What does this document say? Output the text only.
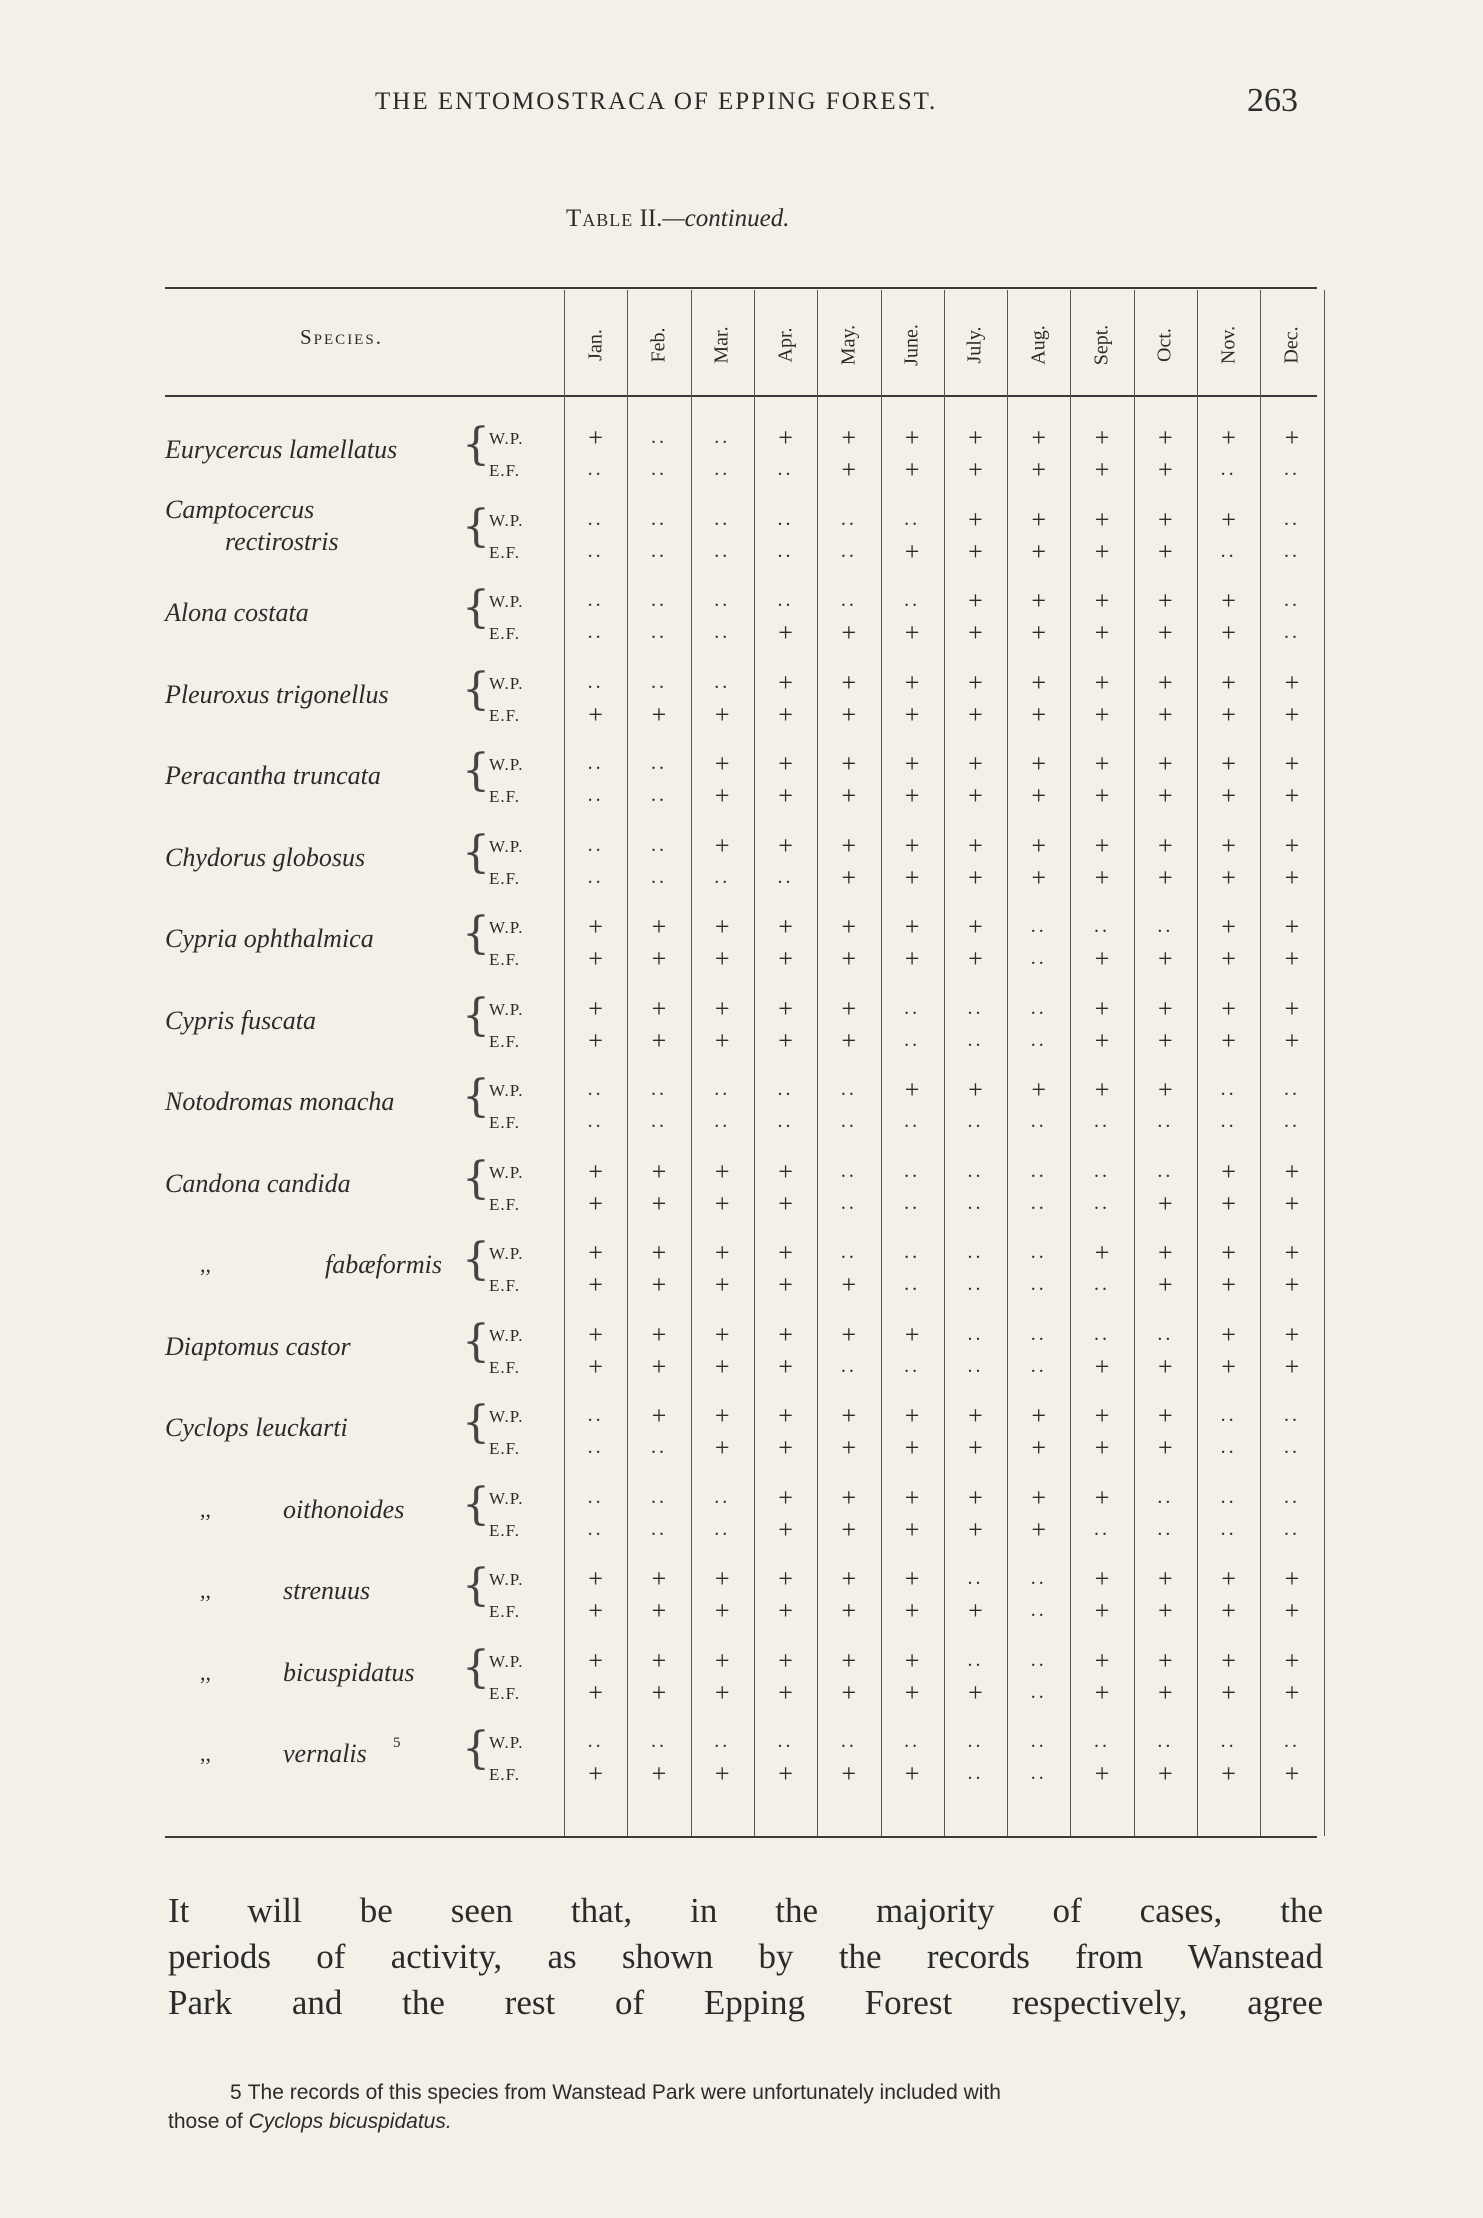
THE ENTOMOSTRACA OF EPPING FOREST.	263
Table II.—continued.
Species.	Jan. Feb. Mar. Apr. May. June. July. Aug. Sept. Oct. Nov. Dec.
Eurycercus lamellatus { W.P.	+	..	..	+	+	+	+	+	+	+	+	+
E.F.	..	..	..	..	+	+	+	+	+	+	..	..
Camptocercus
rectirostris	{ W.P.	..	..	..	..	..	..	+	+	+	+	+	..
E.F.	..	..	..	..	..	+	+	+	+	+	..	..
Alona costata	{ W.P.	..	..	..	..	..	..	+	+	+	+	+	..
E.F.	..	..	..	+	+	+	+	+	+	+	+	..
Pleuroxus trigonellus { W.P.	..	..	..	+	+	+	+	+	+	+	+	+
E.F.	+	+	+	+	+	+	+	+	+	+	+	+
Peracantha truncata { W.P.	..	..	+	+	+	+	+	+	+	+	+	+
E.F.	..	..	+	+	+	+	+	+	+	+	+	+
Chydorus globosus { W.P.	..	..	+	+	+	+	+	+	+	+	+	+
E.F.	..	..	..	..	+	+	+	+	+	+	+	+
Cypria ophthalmica { W.P.	+	+	+	+	+	+	+	..	..	..	+	+
E.F.	+	+	+	+	+	+	+	..	+	+	+	+
Cypris fuscata	{ W.P.	+	+	+	+	+	..	..	..	+	+	+	+
E.F.	+	+	+	+	+	..	..	..	+	+	+	+
Notodromas monacha { W.P.	..	..	..	..	..	+	+	+	+	+	..	..
E.F.	..	..	..	..	..	..	..	..	..	..	..	..
Candona candida	{ W.P.	+	+	+	+	..	..	..	..	..	..	+	+
E.F.	+	+	+	+	..	..	..	..	..	+	+	+
,,	fabæformis { W.P.	+	+	+	+	..	..	..	..	+	+	+	+
E.F.	+	+	+	+	+	..	..	..	..	+	+	+
Diaptomus castor	{ W.P.	+	+	+	+	+	+	..	..	..	..	+	+
E.F.	+	+	+	+	..	..	..	..	+	+	+	+
Cyclops leuckarti	{ W.P.	..	+	+	+	+	+	+	+	+	+	..	..
E.F.	..	..	+	+	+	+	+	+	+	+	..	..
,,	oithonoides { W.P.	..	..	..	+	+	+	+	+	+	..	..	..
E.F.	..	..	..	+	+	+	+	+	..	..	..	..
,,	strenuus { W.P.	+	+	+	+	+	+	..	..	+	+	+	+
E.F.	+	+	+	+	+	+	+	..	+	+	+	+
,,	bicuspidatus { W.P.	+	+	+	+	+	+	..	..	+	+	+	+
E.F.	+	+	+	+	+	+	+	..	+	+	+	+
,,	vernalis 5 { W.P.	..	..	..	..	..	..	..	..	..	..	..	..
E.F.	+	+	+	+	+	+	..	..	+	+	+	+
It will be seen that, in the majority of cases, the
periods of activity, as shown by the records from Wanstead
Park and the rest of Epping Forest respectively, agree
5 The records of this species from Wanstead Park were unfortunately included with
those of Cyclops bicuspidatus.
